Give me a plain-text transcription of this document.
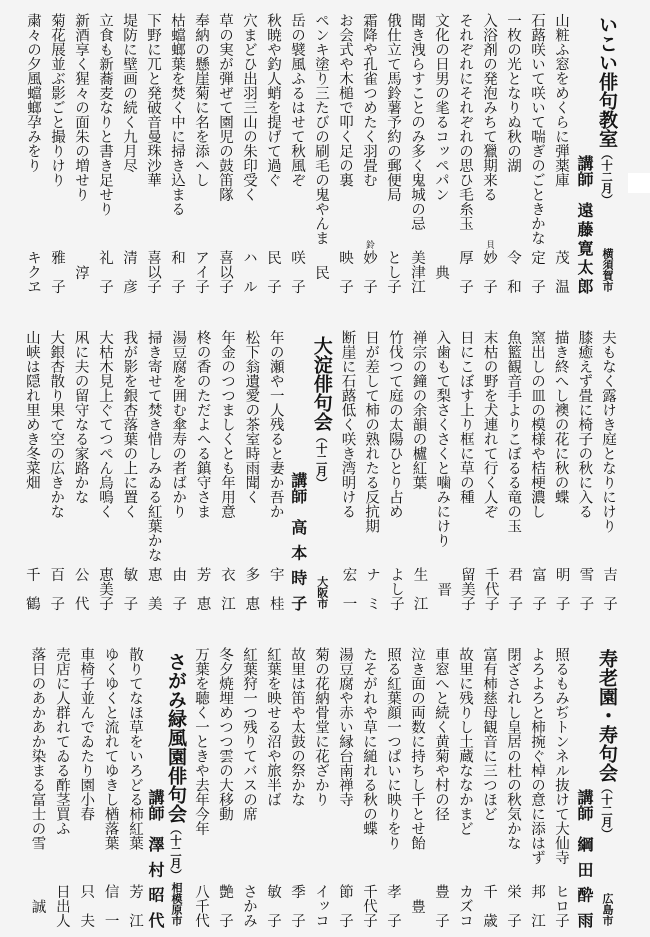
いこい俳句教室（十二月）
横須賀市
講師遠藤寛太郎
山粧ふ窓をめくらに弾薬庫
茂　温
石蕗咲いて咲いて喘ぎのごときかな
定　子
一枚の光となりぬ秋の湖
令　和
入浴剤の発泡みちて獵期来る
貝
妙　子
それぞれにそれぞれの思ひ毛糸玉
厚　子
文化の日男の毟るコッペパン
典
聞き洩らすことのみ多く鬼城の忌
美津江
俄仕立て馬鈴薯予約の郵便局
とし子
霜降や孔雀つめたく羽畳む
鈴
妙　子
お会式や木槌で叩く足の裏
映　子
ペンキ塗り三たびの刷毛の鬼やんま
民
岳の襞風ふるはせて秋風ぞ
咲　子
秋暁や釣人蛸を提げて過ぐ
民　子
穴まどひ出羽三山の朱印受く
ハ　ル
草の実が弾ぜて園児の鼓笛隊
喜以子
奉納の懸崖菊に名を添へし
アイ子
枯蟷螂葉を焚く中に掃き込まる
和　子
下野に兀と発破音曼珠沙華
喜以子
堤防に壁画の続く九月尽
清　彦
立食も新蕎麦なりと書き足せり
礼　子
新酒享く猩々の面朱の増せり
淳
菊花展並ぶ影ごと撮りけり
雅　子
粛々の夕風蟷螂孕みをり
キクヱ
夫もなく露けき庭となりにけり
吉　子
膝癒えず畳に椅子の秋に入る
雪　子
描き終へし襖の花に秋の蝶
明　子
窯出しの皿の模様や桔梗濃し
富　子
魚籃観音手よりこぼるる竜の玉
君　子
末枯の野を犬連れて行く人ぞ
千代子
日にこぼす上り框に草の種
留美子
入歯もて梨さくさくと噛みにけり
晋
禅宗の鐘の余韻の櫨紅葉
生　江
竹伐つて庭の太陽ひとり占め
よし子
日が差して柿の熟れたる反抗期
ナ　ミ
断崖に石蕗低く咲き湾明ける
宏　一
大淀俳句会（十二月）
大阪市
講師高本時子
年の瀬や一人残ると妻か吾か
宇　桂
松下翁遺愛の茶室時雨聞く
多　恵
年金のつつましくとも年用意
衣　江
柊の香のただよへる鎮守さま
芳　恵
湯豆腐を囲む傘寿の者ばかり
由　子
掃き寄せて焚き惜しみゐる紅葉かな
恵　美
我が影を銀杏落葉の上に置く
敏　子
大枯木見上ぐてつぺん烏鳴く
恵美子
凩に夫の留守なる家路かな
公　代
大銀杏散り果て空の広きかな
百　子
山峡は隠れ里めき冬菜畑
千　鶴
寿老園・寿句会（十二月）
広島市
講師綱田酔雨
照るもみぢトンネル抜けて大仙寺
ヒロ子
よろよろと柿捥ぐ棹の意に添はず
邦　江
閉ざされし皇居の杜の秋気かな
栄　子
富有柿慈母観音に三つほど
千　歳
故里に残りし土蔵ななかまど
カズコ
車窓へと続く黄菊や村の径
豊　子
泣き面の両数に持ちし千とせ飴
豊
照る紅葉顔一つぱいに映りをり
孝　子
たそがれや草に縋れる秋の蝶
千代子
湯豆腐や赤い縁台南禅寺
節　子
菊の花納骨堂に花ざかり
イッコ
故里は笛や太鼓の祭かな
季　子
紅葉を映せる沼や旅半ば
敏　子
紅葉狩一つ残りてバスの席
さかみ
冬夕焼埋めつつ雲の大移動
艶　子
万葉を聴く一ときや去年今年
八千代
さがみ緑風園俳句会（十二月）
相模原市
講師澤村昭代
散りてなほ草をいろどる柿紅葉
芳　江
ゆくゆくと流れてゆきし楢落葉
信　一
車椅子並んでゐたり園小春
只　夫
売店に人群れてゐる酢茎買ふ
日出人
落日のあかあか染まる富士の雪
誠
